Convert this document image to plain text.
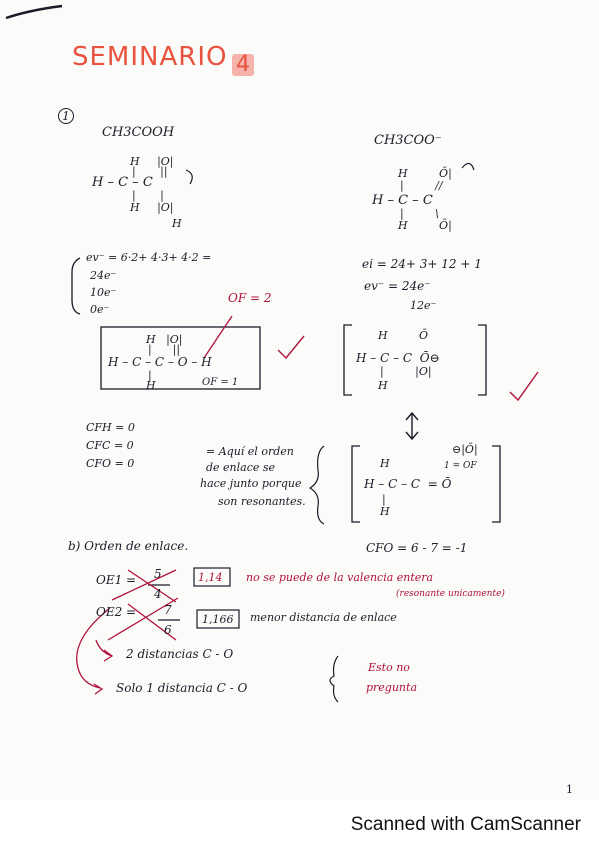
SEMINARIO 4
1
CH3COOH
H     |O|
|       ||
H – C – C
|       |
H     |O|
H
ev⁻ = 6·2+ 4·3+ 4·2 =
24e⁻
10e⁻
0e⁻
OF = 2
H   |O|
|      ||
H – C – C – O – H
|
H	OF = 1
CFH = 0
CFC = 0
CFO = 0
= Aquí el orden
de enlace se
hace junto porque
son resonantes.
CH3COO⁻
H         Ō|
|         //
H – C – C
|         \
H         Ō|
ei = 24+ 3+ 12 + 1
ev⁻ = 24e⁻
12e⁻
H         Ō
H – C – C  Ō⊖
|         |O|
H
⊖|Ō|
H	1 = OF
H – C – C  = Ō
|
H
CFO = 6 - 7 = -1
b) Orden de enlace.
OE1 = 5
4
1,14 no se puede de la valencia entera
(resonante unicamente)
OE2 = 7
6
1,166 menor distancia de enlace
2 distancias C - O
Solo 1 distancia C - O
Esto no
pregunta
1
Scanned with CamScanner
